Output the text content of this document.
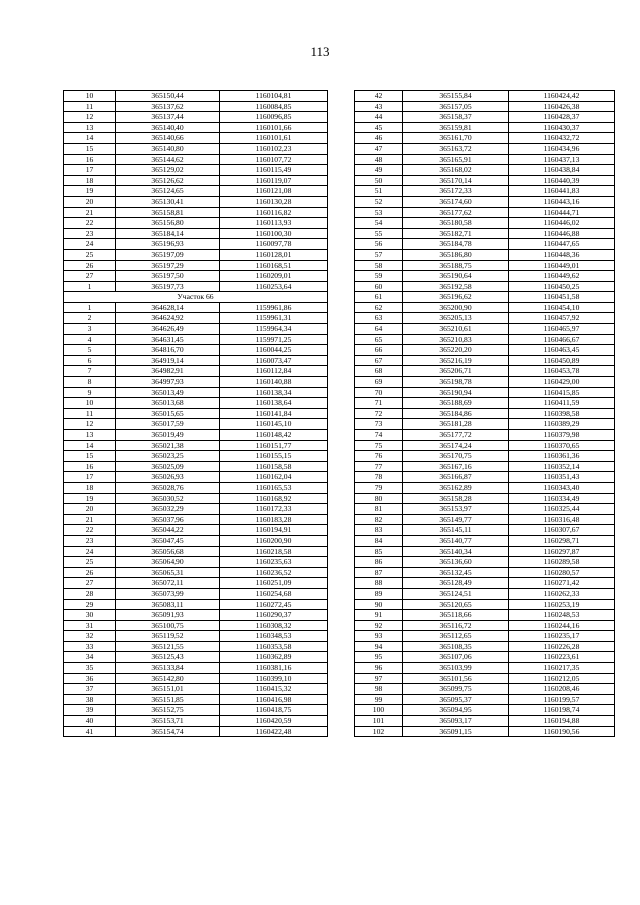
113
10	365150,44	1160104,81
11	365137,62	1160084,85
12	365137,44	1160096,85
13	365140,40	1160101,66
14	365140,66	1160101,61
15	365140,80	1160102,23
16	365144,62	1160107,72
17	365129,02	1160115,49
18	365126,62	1160119,07
19	365124,65	1160121,08
20	365130,41	1160130,28
21	365158,81	1160116,82
22	365156,80	1160113,93
23	365184,14	1160100,30
24	365196,93	1160097,78
25	365197,09	1160128,01
26	365197,29	1160168,51
27	365197,50	1160209,01
1	365197,73	1160253,64
Участок 66		
1	364628,14	1159961,86
2	364624,92	1159961,31
3	364626,49	1159964,34
4	364631,45	1159971,25
5	364816,70	1160044,25
6	364919,14	1160073,47
7	364982,91	1160112,84
8	364997,93	1160140,88
9	365013,49	1160138,34
10	365013,68	1160138,64
11	365015,65	1160141,84
12	365017,59	1160145,10
13	365019,49	1160148,42
14	365021,38	1160151,77
15	365023,25	1160155,15
16	365025,09	1160158,58
17	365026,93	1160162,04
18	365028,76	1160165,53
19	365030,52	1160168,92
20	365032,29	1160172,33
21	365037,96	1160183,28
22	365044,22	1160194,91
23	365047,45	1160200,90
24	365056,68	1160218,58
25	365064,90	1160235,63
26	365065,31	1160236,52
27	365072,11	1160251,09
28	365073,99	1160254,68
29	365083,11	1160272,45
30	365091,93	1160290,37
31	365100,75	1160308,32
32	365119,52	1160348,53
33	365121,55	1160353,58
34	365125,43	1160362,89
35	365133,84	1160381,16
36	365142,80	1160399,10
37	365151,01	1160415,32
38	365151,85	1160416,98
39	365152,75	1160418,75
40	365153,71	1160420,59
41	365154,74	1160422,48
42	365155,84	1160424,42
43	365157,05	1160426,38
44	365158,37	1160428,37
45	365159,81	1160430,37
46	365161,70	1160432,72
47	365163,72	1160434,96
48	365165,91	1160437,13
49	365168,02	1160438,84
50	365170,14	1160440,39
51	365172,33	1160441,83
52	365174,60	1160443,16
53	365177,62	1160444,71
54	365180,58	1160446,02
55	365182,71	1160446,88
56	365184,78	1160447,65
57	365186,80	1160448,36
58	365188,75	1160449,01
59	365190,64	1160449,62
60	365192,58	1160450,25
61	365196,62	1160451,58
62	365200,90	1160454,10
63	365205,13	1160457,92
64	365210,61	1160465,97
65	365210,83	1160466,67
66	365220,20	1160463,45
67	365216,19	1160450,89
68	365206,71	1160453,78
69	365198,78	1160429,00
70	365190,94	1160415,85
71	365188,69	1160411,59
72	365184,86	1160398,58
73	365181,28	1160389,29
74	365177,72	1160379,98
75	365174,24	1160370,65
76	365170,75	1160361,36
77	365167,16	1160352,14
78	365166,87	1160351,43
79	365162,89	1160343,40
80	365158,28	1160334,49
81	365153,97	1160325,44
82	365149,77	1160316,48
83	365145,11	1160307,67
84	365140,77	1160298,71
85	365140,34	1160297,87
86	365136,60	1160289,58
87	365132,45	1160280,57
88	365128,49	1160271,42
89	365124,51	1160262,33
90	365120,65	1160253,19
91	365118,66	1160248,53
92	365116,72	1160244,16
93	365112,65	1160235,17
94	365108,35	1160226,28
95	365107,06	1160223,61
96	365103,99	1160217,35
97	365101,56	1160212,05
98	365099,75	1160208,46
99	365095,37	1160199,57
100	365094,95	1160198,74
101	365093,17	1160194,88
102	365091,15	1160190,56
